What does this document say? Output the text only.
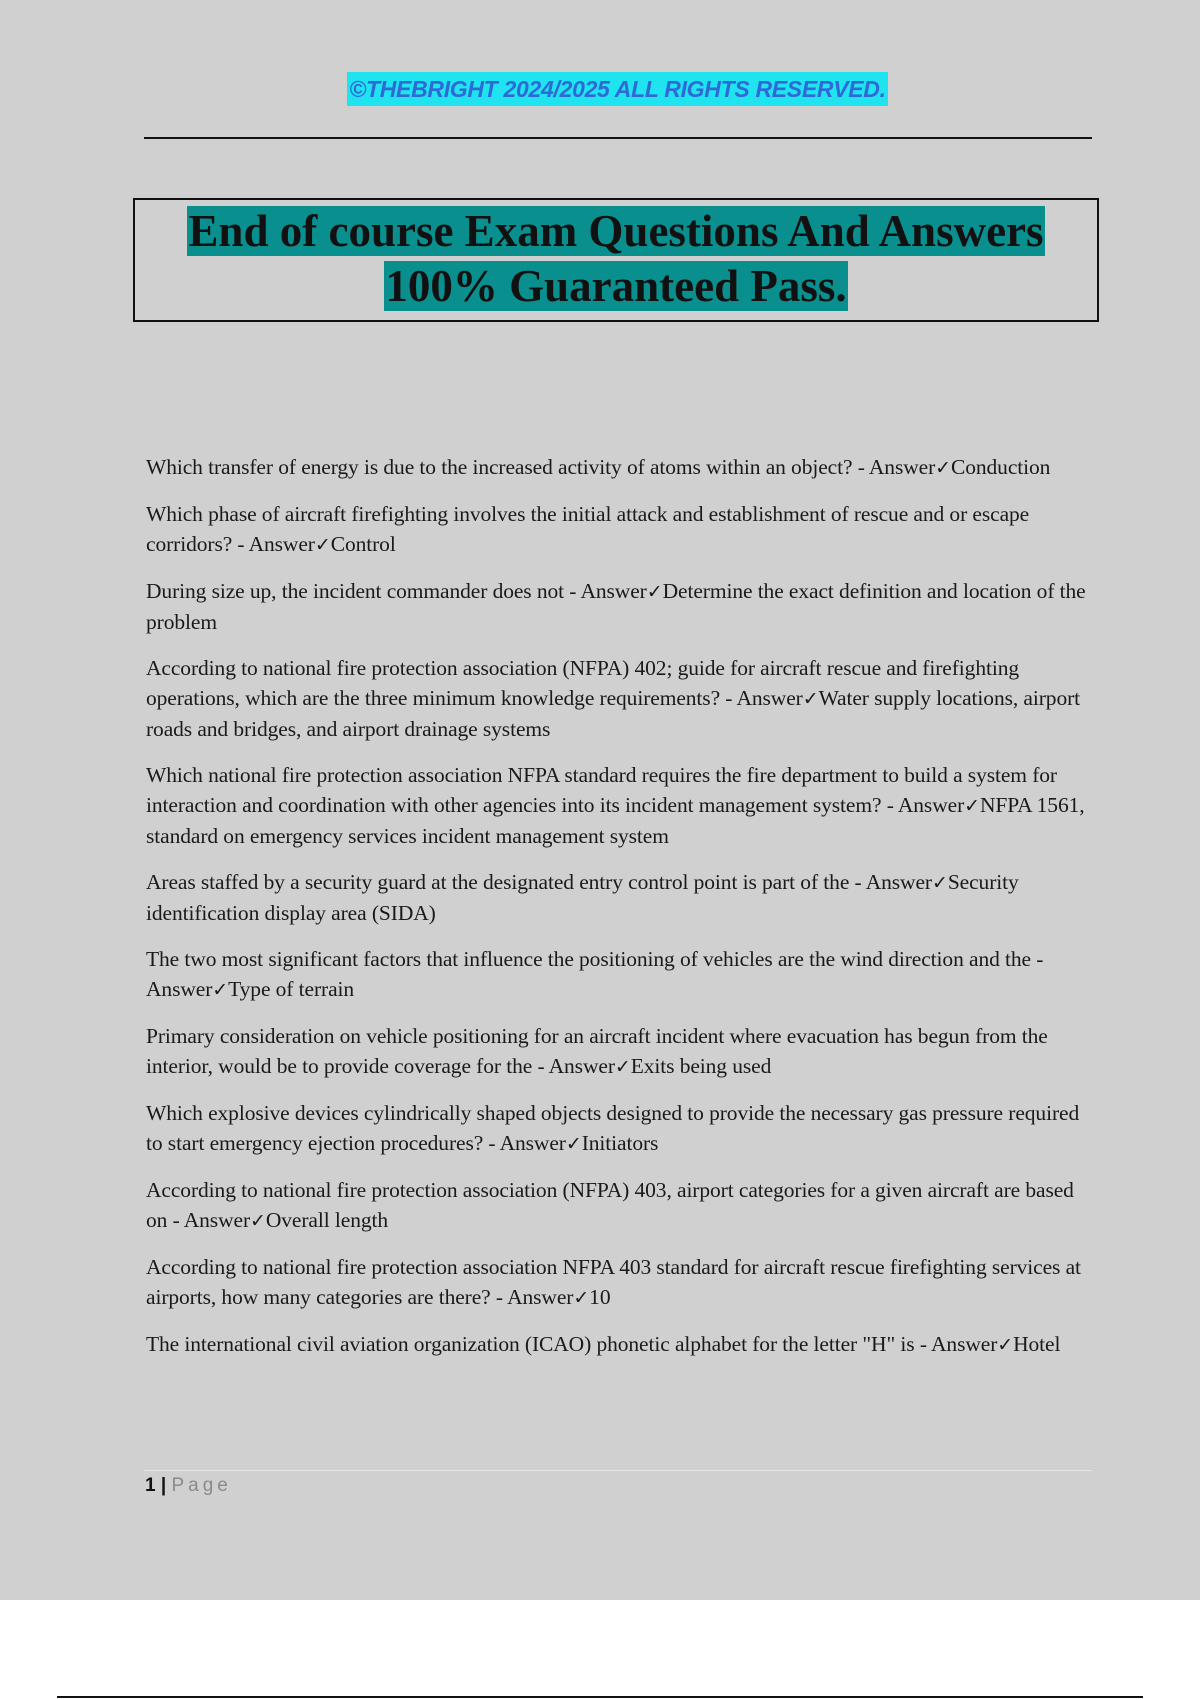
©THEBRIGHT 2024/2025 ALL RIGHTS RESERVED.
End of course Exam Questions And Answers
100% Guaranteed Pass.
Which transfer of energy is due to the increased activity of atoms within an object? - Answer✓Conduction
Which phase of aircraft firefighting involves the initial attack and establishment of rescue and or escape corridors? - Answer✓Control
During size up, the incident commander does not - Answer✓Determine the exact definition and location of the problem
According to national fire protection association (NFPA) 402; guide for aircraft rescue and firefighting operations, which are the three minimum knowledge requirements? - Answer✓Water supply locations, airport roads and bridges, and airport drainage systems
Which national fire protection association NFPA standard requires the fire department to build a system for interaction and coordination with other agencies into its incident management system? - Answer✓NFPA 1561, standard on emergency services incident management system
Areas staffed by a security guard at the designated entry control point is part of the - Answer✓Security identification display area (SIDA)
The two most significant factors that influence the positioning of vehicles are the wind direction and the - Answer✓Type of terrain
Primary consideration on vehicle positioning for an aircraft incident where evacuation has begun from the interior, would be to provide coverage for the - Answer✓Exits being used
Which explosive devices cylindrically shaped objects designed to provide the necessary gas pressure required to start emergency ejection procedures? - Answer✓Initiators
According to national fire protection association (NFPA) 403, airport categories for a given aircraft are based on - Answer✓Overall length
According to national fire protection association NFPA 403 standard for aircraft rescue firefighting services at airports, how many categories are there? - Answer✓10
The international civil aviation organization (ICAO) phonetic alphabet for the letter "H" is - Answer✓Hotel
1 | Page
